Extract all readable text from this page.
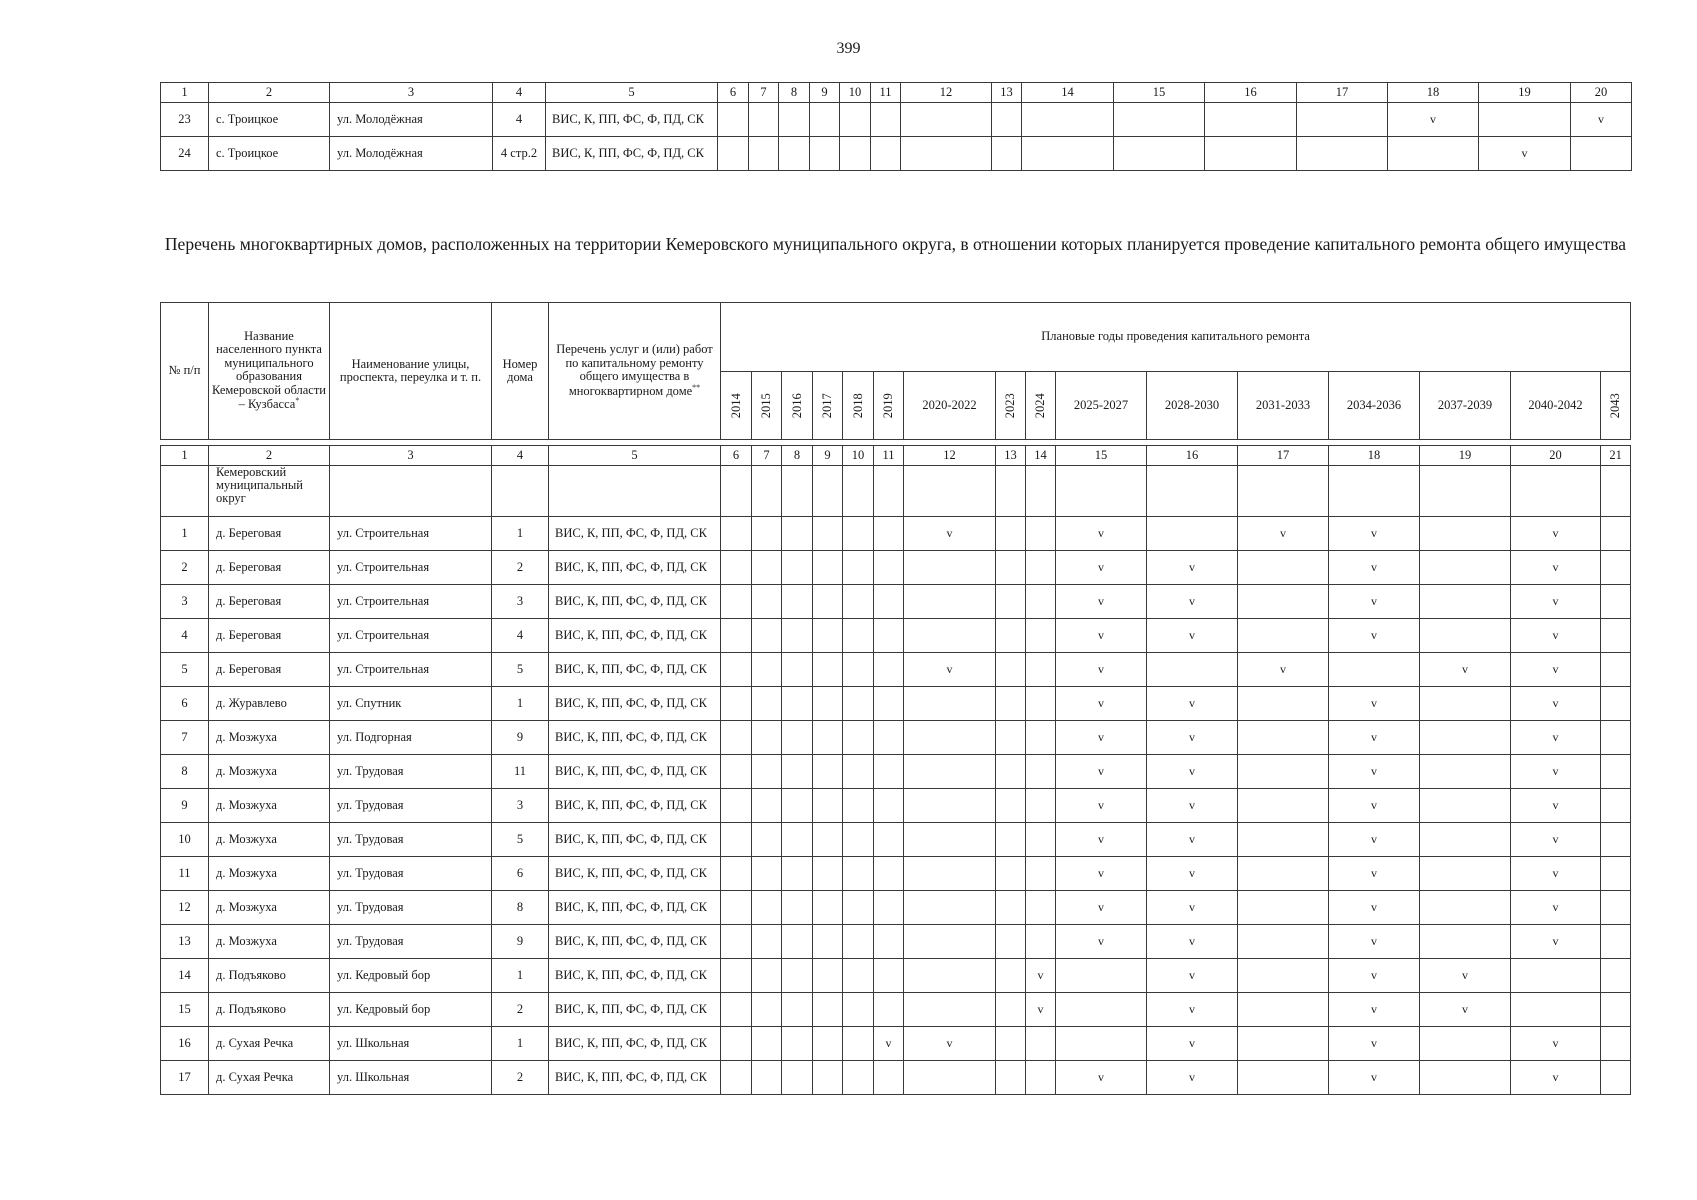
399
1	2	3	4	5	6	7	8	9	10	11	12	13	14	15	16	17	18	19	20
23	с. Троицкое	ул. Молодёжная	4	ВИС, К, ПП, ФС, Ф, ПД, СК													v		v
24	с. Троицкое	ул. Молодёжная	4 стр.2	ВИС, К, ПП, ФС, Ф, ПД, СК														v	
Перечень многоквартирных домов, расположенных на территории Кемеровского муниципального округа, в отношении которых планируется проведение капитального ремонта общего имущества
№ п/п	Название населенного пункта муниципального образования Кемеровской области – Кузбасса*	Наименование улицы, проспекта, переулка и т. п.	Номер дома	Перечень услуг и (или) работ по капитальному ремонту общего имущества в многоквартирном доме**	Плановые годы проведения капитального ремонта															
					2014	2015	2016	2017	2018	2019	2020-2022	2023	2024	2025-2027	2028-2030	2031-2033	2034-2036	2037-2039	2040-2042	2043

1	2	3	4	5	6	7	8	9	10	11	12	13	14	15	16	17	18	19	20	21
	Кемеровский муниципальный округ																			
1	д. Береговая	ул. Строительная	1	ВИС, К, ПП, ФС, Ф, ПД, СК							v			v		v	v		v	
2	д. Береговая	ул. Строительная	2	ВИС, К, ПП, ФС, Ф, ПД, СК										v	v		v		v	
3	д. Береговая	ул. Строительная	3	ВИС, К, ПП, ФС, Ф, ПД, СК										v	v		v		v	
4	д. Береговая	ул. Строительная	4	ВИС, К, ПП, ФС, Ф, ПД, СК										v	v		v		v	
5	д. Береговая	ул. Строительная	5	ВИС, К, ПП, ФС, Ф, ПД, СК							v			v		v		v	v	
6	д. Журавлево	ул. Спутник	1	ВИС, К, ПП, ФС, Ф, ПД, СК										v	v		v		v	
7	д. Мозжуха	ул. Подгорная	9	ВИС, К, ПП, ФС, Ф, ПД, СК										v	v		v		v	
8	д. Мозжуха	ул. Трудовая	11	ВИС, К, ПП, ФС, Ф, ПД, СК										v	v		v		v	
9	д. Мозжуха	ул. Трудовая	3	ВИС, К, ПП, ФС, Ф, ПД, СК										v	v		v		v	
10	д. Мозжуха	ул. Трудовая	5	ВИС, К, ПП, ФС, Ф, ПД, СК										v	v		v		v	
11	д. Мозжуха	ул. Трудовая	6	ВИС, К, ПП, ФС, Ф, ПД, СК										v	v		v		v	
12	д. Мозжуха	ул. Трудовая	8	ВИС, К, ПП, ФС, Ф, ПД, СК										v	v		v		v	
13	д. Мозжуха	ул. Трудовая	9	ВИС, К, ПП, ФС, Ф, ПД, СК										v	v		v		v	
14	д. Подъяково	ул. Кедровый бор	1	ВИС, К, ПП, ФС, Ф, ПД, СК									v		v		v	v		
15	д. Подъяково	ул. Кедровый бор	2	ВИС, К, ПП, ФС, Ф, ПД, СК									v		v		v	v		
16	д. Сухая Речка	ул. Школьная	1	ВИС, К, ПП, ФС, Ф, ПД, СК						v	v				v		v		v	
17	д. Сухая Речка	ул. Школьная	2	ВИС, К, ПП, ФС, Ф, ПД, СК										v	v		v		v	
